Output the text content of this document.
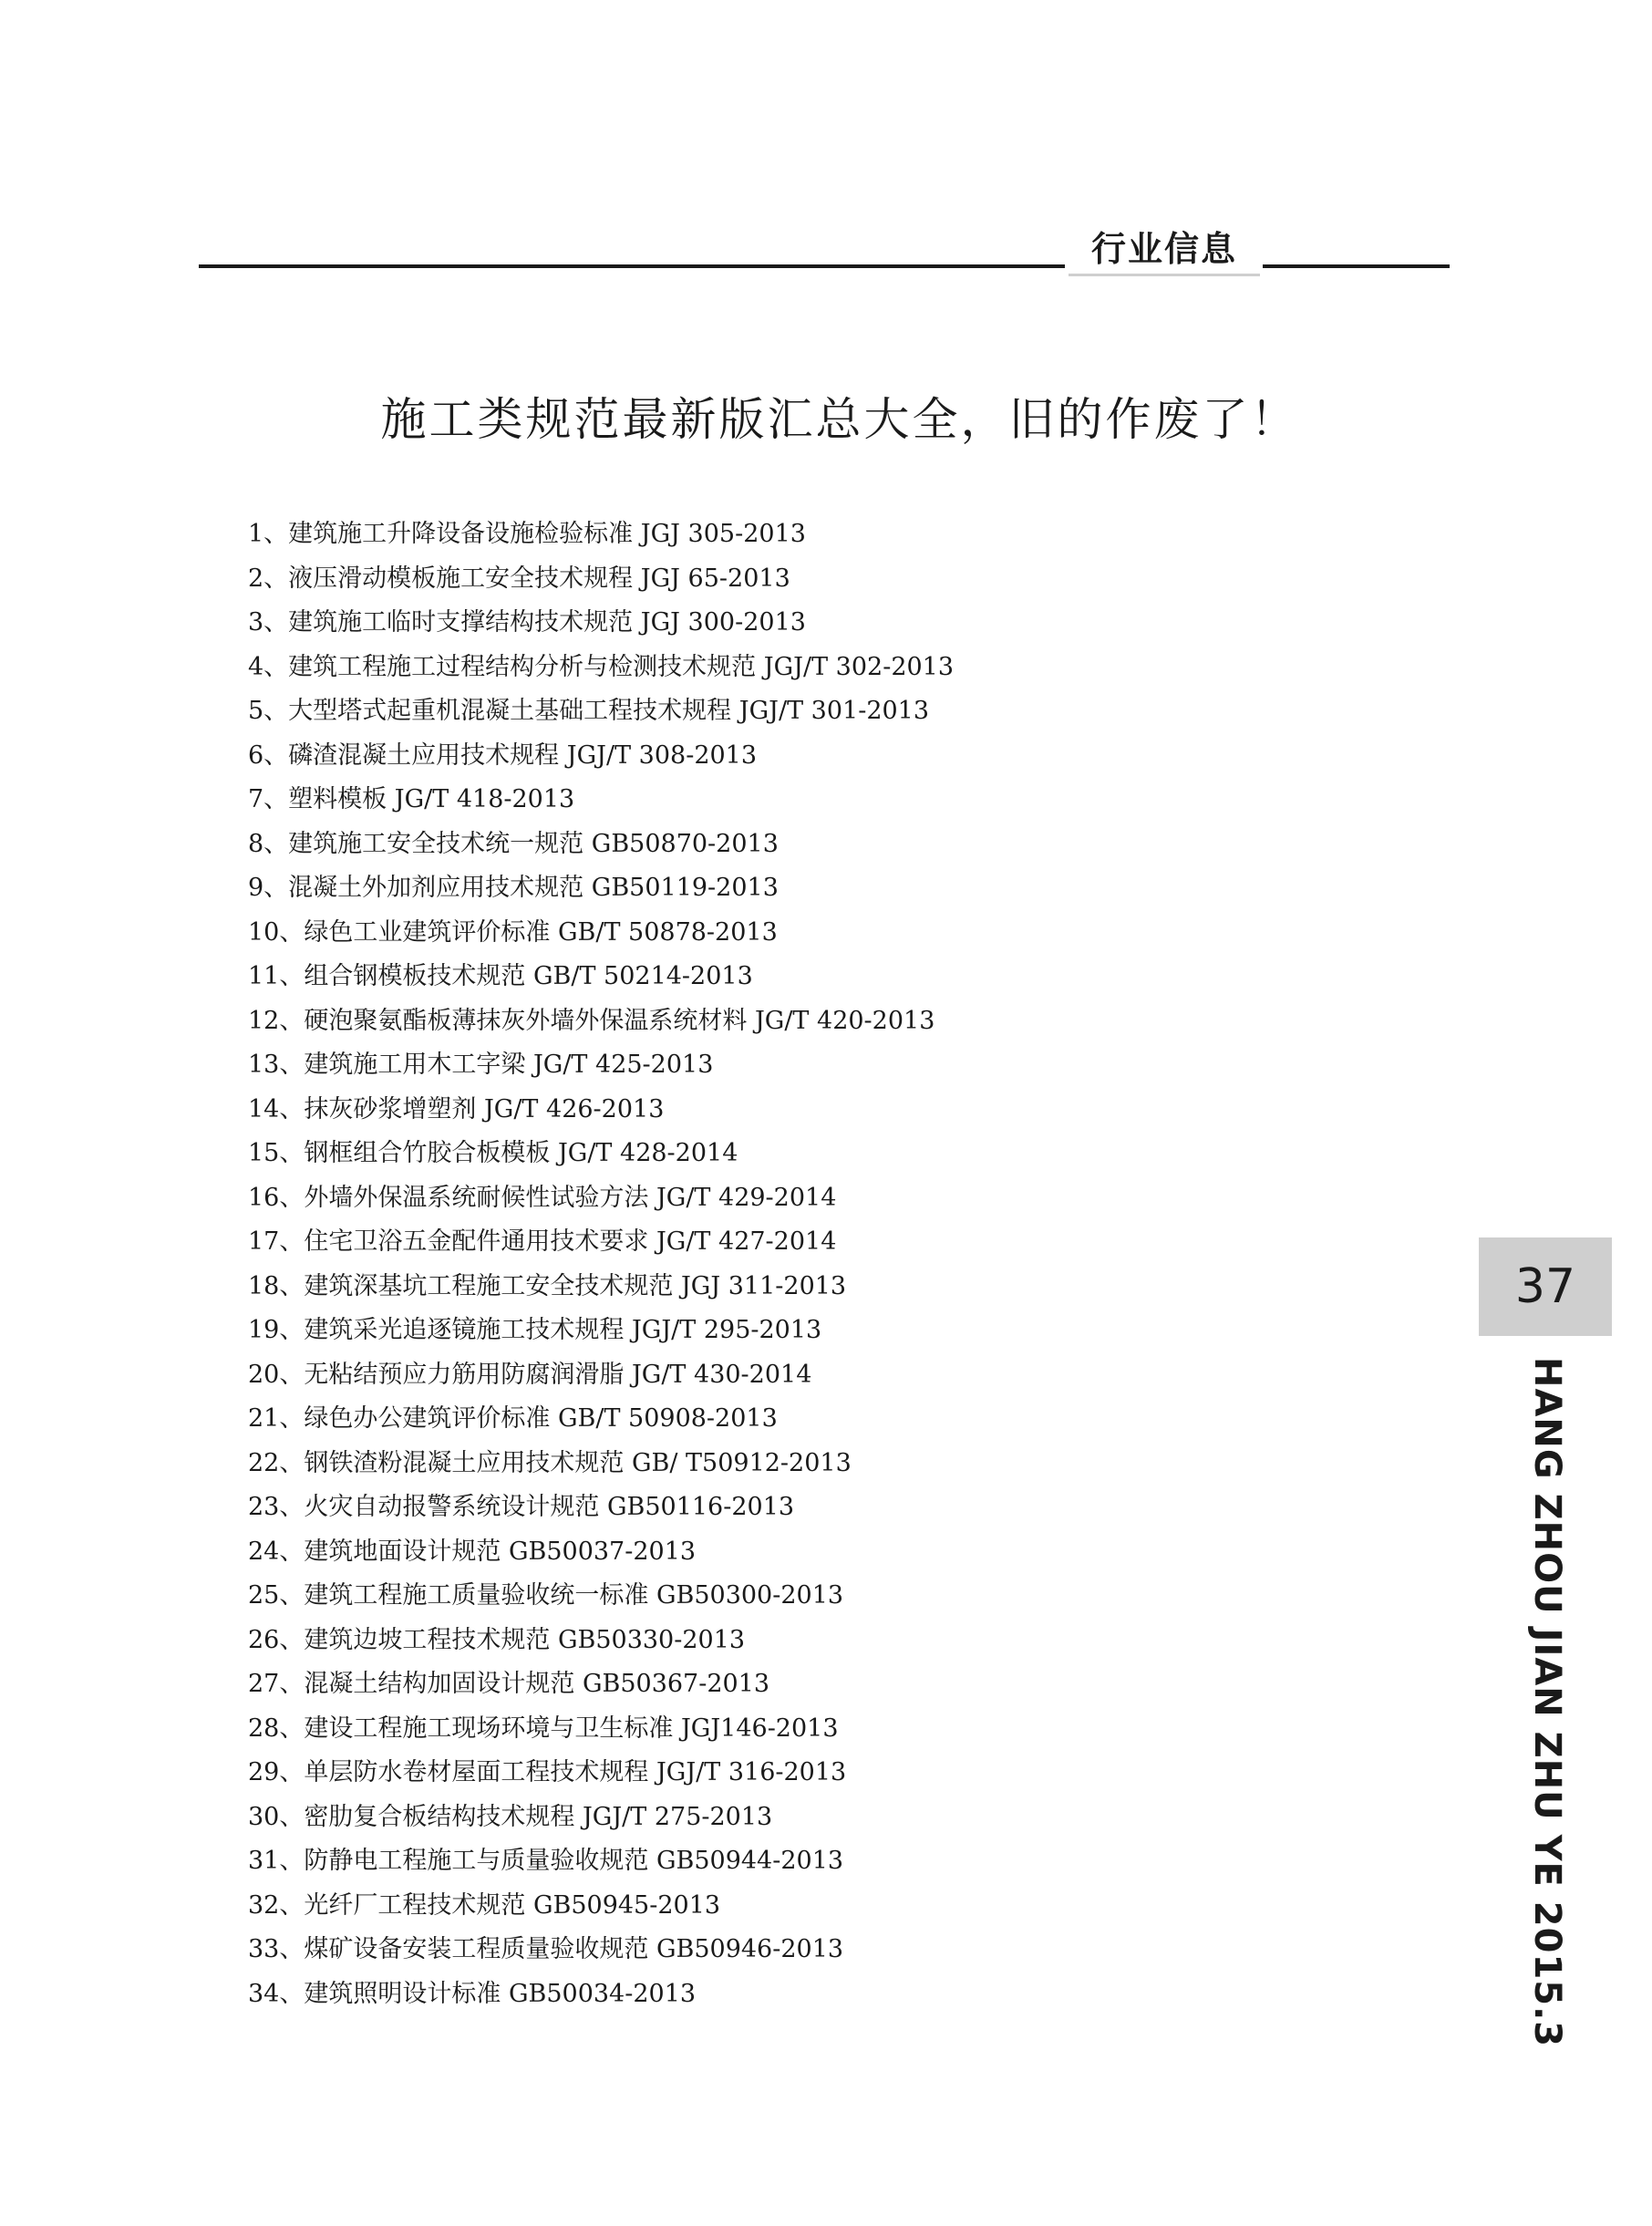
行业信息
施工类规范最新版汇总大全，旧的作废了！
1、建筑施工升降设备设施检验标准 JGJ 305-2013
2、液压滑动模板施工安全技术规程 JGJ 65-2013
3、建筑施工临时支撑结构技术规范 JGJ 300-2013
4、建筑工程施工过程结构分析与检测技术规范 JGJ/T 302-2013
5、大型塔式起重机混凝土基础工程技术规程 JGJ/T 301-2013
6、磷渣混凝土应用技术规程 JGJ/T 308-2013
7、塑料模板 JG/T 418-2013
8、建筑施工安全技术统一规范 GB50870-2013
9、混凝土外加剂应用技术规范 GB50119-2013
10、绿色工业建筑评价标准 GB/T 50878-2013
11、组合钢模板技术规范 GB/T 50214-2013
12、硬泡聚氨酯板薄抹灰外墙外保温系统材料 JG/T 420-2013
13、建筑施工用木工字梁 JG/T 425-2013
14、抹灰砂浆增塑剂 JG/T 426-2013
15、钢框组合竹胶合板模板 JG/T 428-2014
16、外墙外保温系统耐候性试验方法 JG/T 429-2014
17、住宅卫浴五金配件通用技术要求 JG/T 427-2014
18、建筑深基坑工程施工安全技术规范 JGJ 311-2013
19、建筑采光追逐镜施工技术规程 JGJ/T 295-2013
20、无粘结预应力筋用防腐润滑脂 JG/T 430-2014
21、绿色办公建筑评价标准 GB/T 50908-2013
22、钢铁渣粉混凝土应用技术规范 GB/ T50912-2013
23、火灾自动报警系统设计规范 GB50116-2013
24、建筑地面设计规范 GB50037-2013
25、建筑工程施工质量验收统一标准 GB50300-2013
26、建筑边坡工程技术规范 GB50330-2013
27、混凝土结构加固设计规范 GB50367-2013
28、建设工程施工现场环境与卫生标准 JGJ146-2013
29、单层防水卷材屋面工程技术规程 JGJ/T 316-2013
30、密肋复合板结构技术规程 JGJ/T 275-2013
31、防静电工程施工与质量验收规范 GB50944-2013
32、光纤厂工程技术规范 GB50945-2013
33、煤矿设备安装工程质量验收规范 GB50946-2013
34、建筑照明设计标准 GB50034-2013
37
HANG ZHOU JIAN ZHU YE 2015.3
